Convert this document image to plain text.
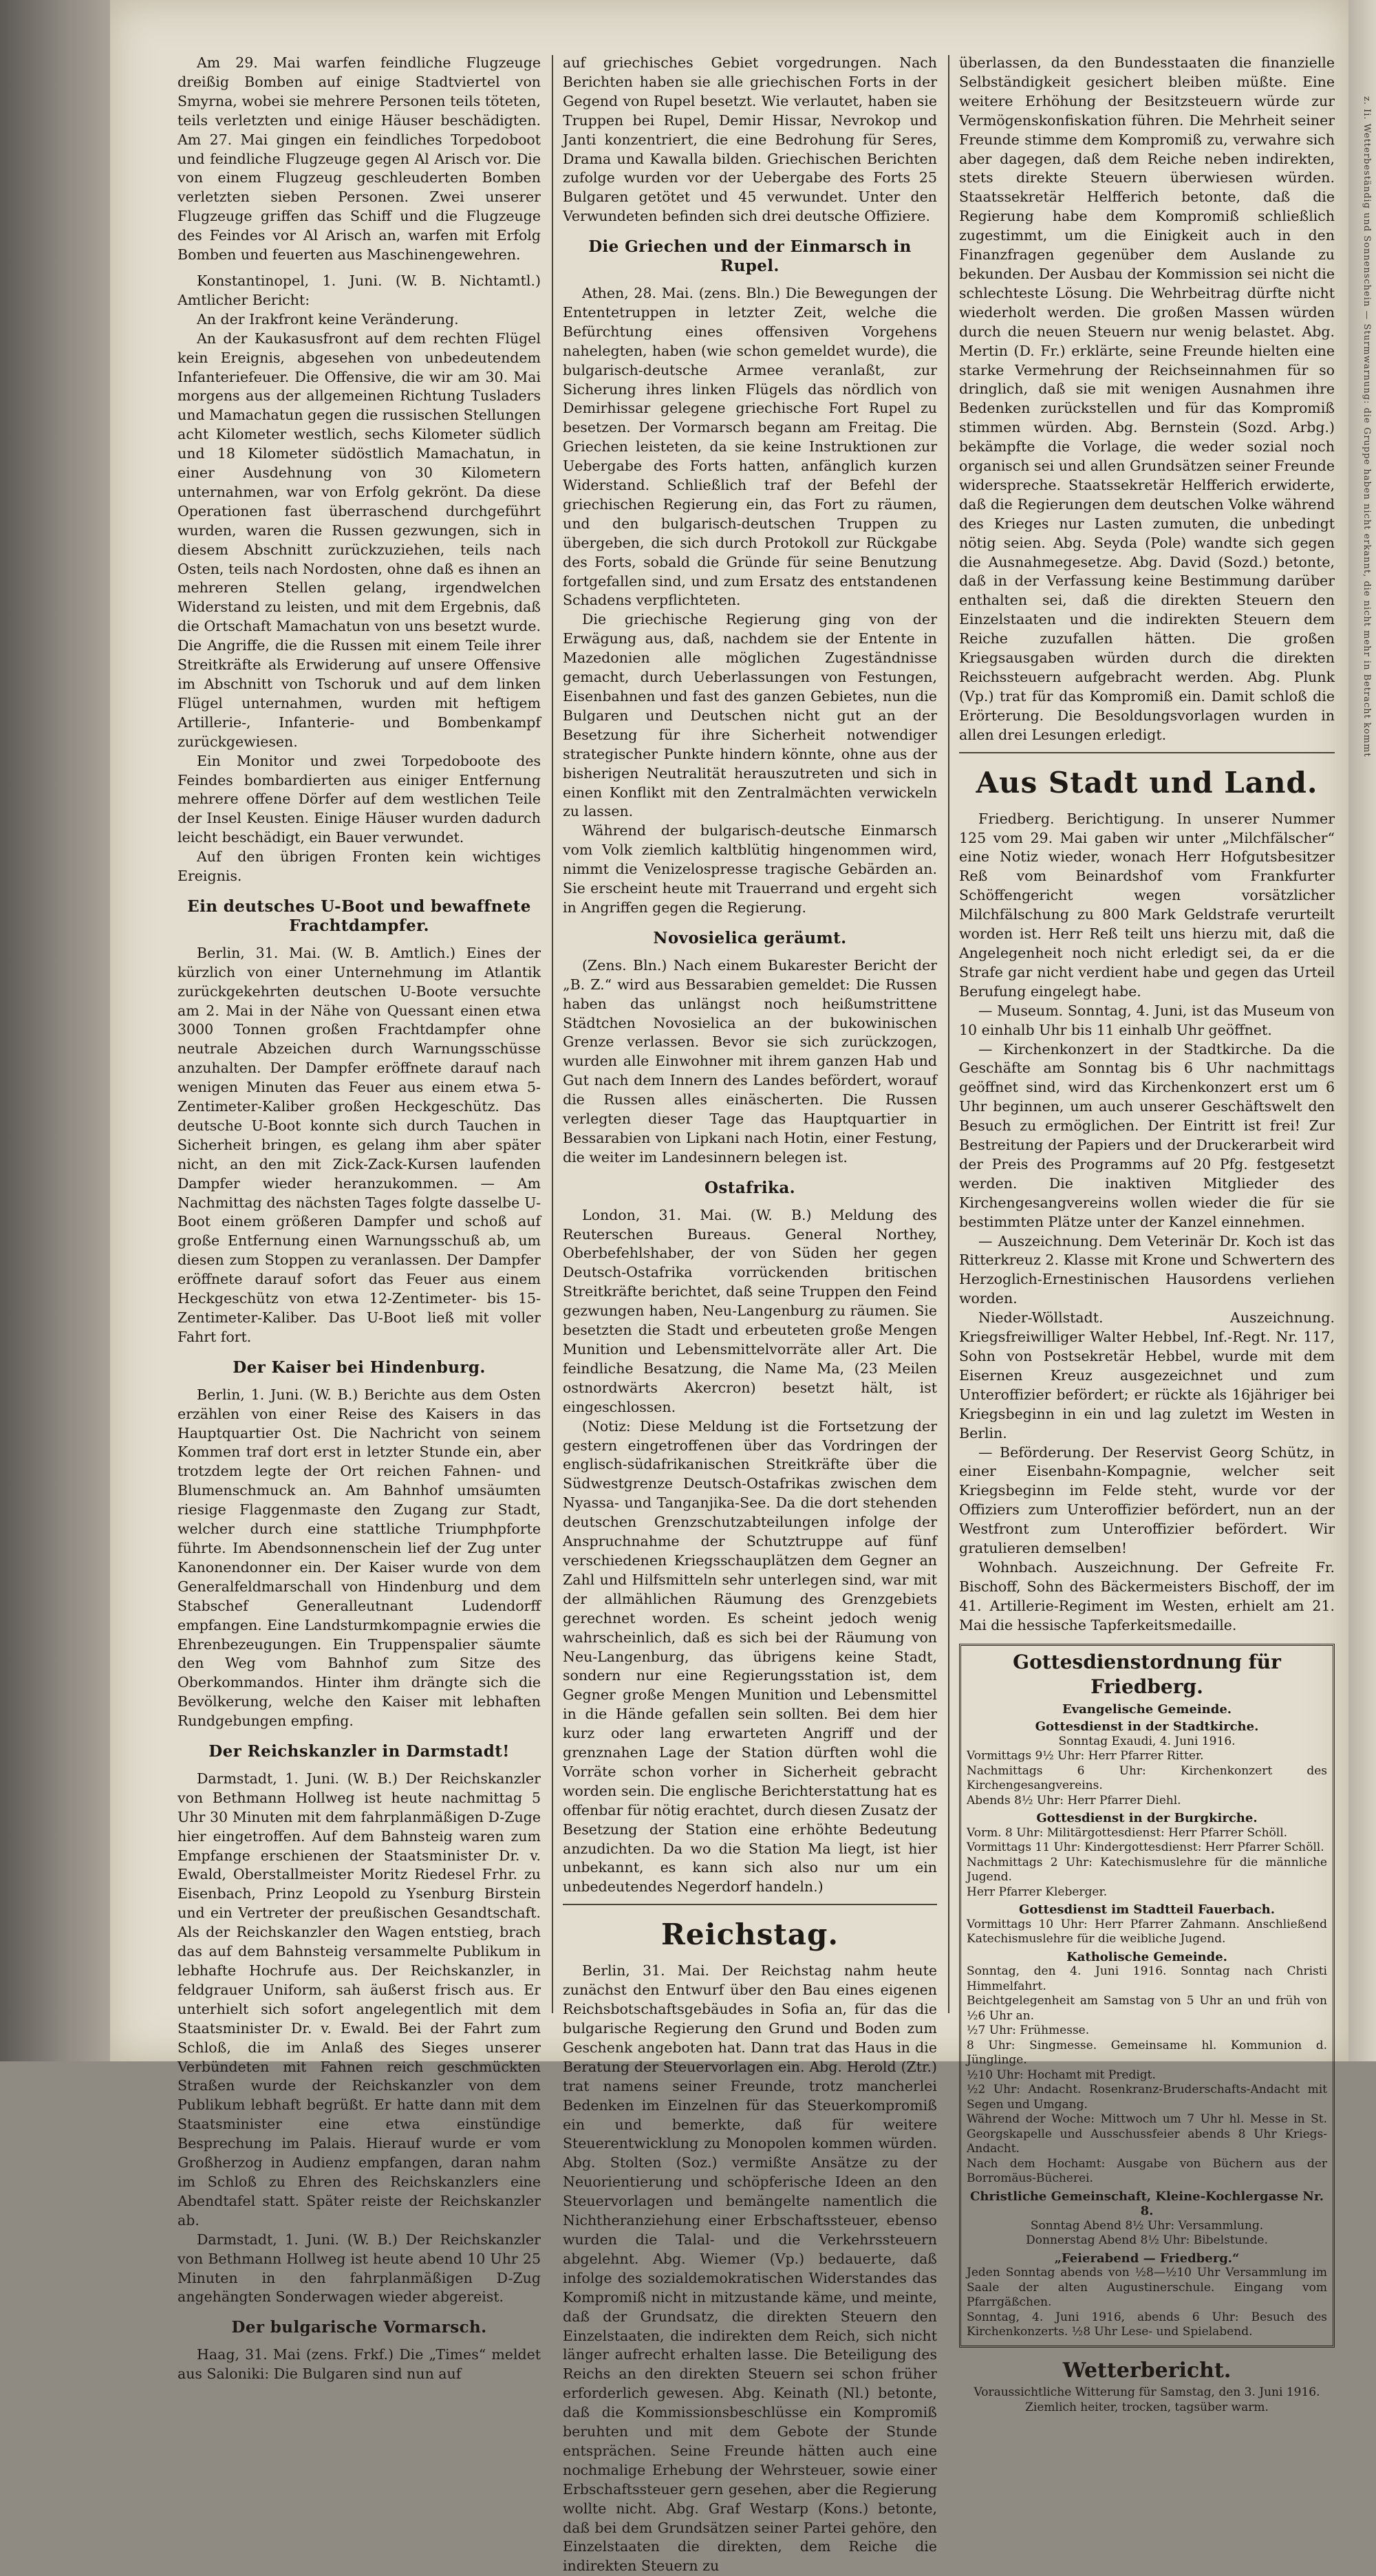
Am 29. Mai warfen feindliche Flugzeuge dreißig Bomben auf einige Stadtviertel von Smyrna, wobei sie mehrere Personen teils töteten, teils verletzten und einige Häuser beschädigten. Am 27. Mai gingen ein feindliches Torpedoboot und feindliche Flugzeuge gegen Al Arisch vor. Die von einem Flugzeug geschleuderten Bomben verletzten sieben Personen. Zwei unserer Flugzeuge griffen das Schiff und die Flugzeuge des Feindes vor Al Arisch an, warfen mit Erfolg Bomben und feuerten aus Maschinengewehren.

Konstantinopel, 1. Juni. (W. B. Nichtamtl.) Amtlicher Bericht:

An der Irakfront keine Veränderung.

An der Kaukasusfront auf dem rechten Flügel kein Ereignis, abgesehen von unbedeutendem Infanteriefeuer. Die Offensive, die wir am 30. Mai morgens aus der allgemeinen Richtung Tusladers und Mamachatun gegen die russischen Stellungen acht Kilometer westlich, sechs Kilometer südlich und 18 Kilometer südöstlich Mamachatun, in einer Ausdehnung von 30 Kilometern unternahmen, war von Erfolg gekrönt. Da diese Operationen fast überraschend durchgeführt wurden, waren die Russen gezwungen, sich in diesem Abschnitt zurückzuziehen, teils nach Osten, teils nach Nordosten, ohne daß es ihnen an mehreren Stellen gelang, irgendwelchen Widerstand zu leisten, und mit dem Ergebnis, daß die Ortschaft Mamachatun von uns besetzt wurde. Die Angriffe, die die Russen mit einem Teile ihrer Streitkräfte als Erwiderung auf unsere Offensive im Abschnitt von Tschoruk und auf dem linken Flügel unternahmen, wurden mit heftigem Artillerie-, Infanterie- und Bombenkampf zurückgewiesen.

Ein Monitor und zwei Torpedoboote des Feindes bombardierten aus einiger Entfernung mehrere offene Dörfer auf dem westlichen Teile der Insel Keusten. Einige Häuser wurden dadurch leicht beschädigt, ein Bauer verwundet.

Auf den übrigen Fronten kein wichtiges Ereignis.

Ein deutsches U-Boot und bewaffnete Frachtdampfer.

Berlin, 31. Mai. (W. B. Amtlich.) Eines der kürzlich von einer Unternehmung im Atlantik zurückgekehrten deutschen U-Boote versuchte am 2. Mai in der Nähe von Quessant einen etwa 3000 Tonnen großen Frachtdampfer ohne neutrale Abzeichen durch Warnungsschüsse anzuhalten. Der Dampfer eröffnete darauf nach wenigen Minuten das Feuer aus einem etwa 5-Zentimeter-Kaliber großen Heckgeschütz. Das deutsche U-Boot konnte sich durch Tauchen in Sicherheit bringen, es gelang ihm aber später nicht, an den mit Zick-Zack-Kursen laufenden Dampfer wieder heranzukommen. — Am Nachmittag des nächsten Tages folgte dasselbe U-Boot einem größeren Dampfer und schoß auf große Entfernung einen Warnungsschuß ab, um diesen zum Stoppen zu veranlassen. Der Dampfer eröffnete darauf sofort das Feuer aus einem Heckgeschütz von etwa 12-Zentimeter- bis 15-Zentimeter-Kaliber. Das U-Boot ließ mit voller Fahrt fort.

Der Kaiser bei Hindenburg.

Berlin, 1. Juni. (W. B.) Berichte aus dem Osten erzählen von einer Reise des Kaisers in das Hauptquartier Ost. Die Nachricht von seinem Kommen traf dort erst in letzter Stunde ein, aber trotzdem legte der Ort reichen Fahnen- und Blumenschmuck an. Am Bahnhof umsäumten riesige Flaggenmaste den Zugang zur Stadt, welcher durch eine stattliche Triumphpforte führte. Im Abendsonnenschein lief der Zug unter Kanonendonner ein. Der Kaiser wurde von dem Generalfeldmarschall von Hindenburg und dem Stabschef Generalleutnant Ludendorff empfangen. Eine Landsturmkompagnie erwies die Ehrenbezeugungen. Ein Truppenspalier säumte den Weg vom Bahnhof zum Sitze des Oberkommandos. Hinter ihm drängte sich die Bevölkerung, welche den Kaiser mit lebhaften Rundgebungen empfing.

Der Reichskanzler in Darmstadt!

Darmstadt, 1. Juni. (W. B.) Der Reichskanzler von Bethmann Hollweg ist heute nachmittag 5 Uhr 30 Minuten mit dem fahrplanmäßigen D-Zuge hier eingetroffen. Auf dem Bahnsteig waren zum Empfange erschienen der Staatsminister Dr. v. Ewald, Oberstallmeister Moritz Riedesel Frhr. zu Eisenbach, Prinz Leopold zu Ysenburg Birstein und ein Vertreter der preußischen Gesandtschaft. Als der Reichskanzler den Wagen entstieg, brach das auf dem Bahnsteig versammelte Publikum in lebhafte Hochrufe aus. Der Reichskanzler, in feldgrauer Uniform, sah äußerst frisch aus. Er unterhielt sich sofort angelegentlich mit dem Staatsminister Dr. v. Ewald. Bei der Fahrt zum Schloß, die im Anlaß des Sieges unserer Verbündeten mit Fahnen reich geschmückten Straßen wurde der Reichskanzler von dem Publikum lebhaft begrüßt. Er hatte dann mit dem Staatsminister eine etwa einstündige Besprechung im Palais. Hierauf wurde er vom Großherzog in Audienz empfangen, daran nahm im Schloß zu Ehren des Reichskanzlers eine Abendtafel statt. Später reiste der Reichskanzler ab.

Darmstadt, 1. Juni. (W. B.) Der Reichskanzler von Bethmann Hollweg ist heute abend 10 Uhr 25 Minuten in den fahrplanmäßigen D-Zug angehängten Sonderwagen wieder abgereist.

Der bulgarische Vormarsch.

Haag, 31. Mai (zens. Frkf.) Die „Times“ meldet aus Saloniki: Die Bulgaren sind nun auf

auf griechisches Gebiet vorgedrungen. Nach Berichten haben sie alle griechischen Forts in der Gegend von Rupel besetzt. Wie verlautet, haben sie Truppen bei Rupel, Demir Hissar, Nevrokop und Janti konzentriert, die eine Bedrohung für Seres, Drama und Kawalla bilden. Griechischen Berichten zufolge wurden vor der Uebergabe des Forts 25 Bulgaren getötet und 45 verwundet. Unter den Verwundeten befinden sich drei deutsche Offiziere.

Die Griechen und der Einmarsch in Rupel.

Athen, 28. Mai. (zens. Bln.) Die Bewegungen der Ententetruppen in letzter Zeit, welche die Befürchtung eines offensiven Vorgehens nahelegten, haben (wie schon gemeldet wurde), die bulgarisch-deutsche Armee veranlaßt, zur Sicherung ihres linken Flügels das nördlich von Demirhissar gelegene griechische Fort Rupel zu besetzen. Der Vormarsch begann am Freitag. Die Griechen leisteten, da sie keine Instruktionen zur Uebergabe des Forts hatten, anfänglich kurzen Widerstand. Schließlich traf der Befehl der griechischen Regierung ein, das Fort zu räumen, und den bulgarisch-deutschen Truppen zu übergeben, die sich durch Protokoll zur Rückgabe des Forts, sobald die Gründe für seine Benutzung fortgefallen sind, und zum Ersatz des entstandenen Schadens verpflichteten.

Die griechische Regierung ging von der Erwägung aus, daß, nachdem sie der Entente in Mazedonien alle möglichen Zugeständnisse gemacht, durch Ueberlassungen von Festungen, Eisenbahnen und fast des ganzen Gebietes, nun die Bulgaren und Deutschen nicht gut an der Besetzung für ihre Sicherheit notwendiger strategischer Punkte hindern könnte, ohne aus der bisherigen Neutralität herauszutreten und sich in einen Konflikt mit den Zentralmächten verwickeln zu lassen.

Während der bulgarisch-deutsche Einmarsch vom Volk ziemlich kaltblütig hingenommen wird, nimmt die Venizelospresse tragische Gebärden an. Sie erscheint heute mit Trauerrand und ergeht sich in Angriffen gegen die Regierung.

Novosielica geräumt.

(Zens. Bln.) Nach einem Bukarester Bericht der „B. Z.“ wird aus Bessarabien gemeldet: Die Russen haben das unlängst noch heißumstrittene Städtchen Novosielica an der bukowinischen Grenze verlassen. Bevor sie sich zurückzogen, wurden alle Einwohner mit ihrem ganzen Hab und Gut nach dem Innern des Landes befördert, worauf die Russen alles einäscherten. Die Russen verlegten dieser Tage das Hauptquartier in Bessarabien von Lipkani nach Hotin, einer Festung, die weiter im Landesinnern belegen ist.

Ostafrika.

London, 31. Mai. (W. B.) Meldung des Reuterschen Bureaus. General Northey, Oberbefehlshaber, der von Süden her gegen Deutsch-Ostafrika vorrückenden britischen Streitkräfte berichtet, daß seine Truppen den Feind gezwungen haben, Neu-Langenburg zu räumen. Sie besetzten die Stadt und erbeuteten große Mengen Munition und Lebensmittelvorräte aller Art. Die feindliche Besatzung, die Name Ma, (23 Meilen ostnordwärts Akercron) besetzt hält, ist eingeschlossen.

(Notiz: Diese Meldung ist die Fortsetzung der gestern eingetroffenen über das Vordringen der englisch-südafrikanischen Streitkräfte über die Südwestgrenze Deutsch-Ostafrikas zwischen dem Nyassa- und Tanganjika-See. Da die dort stehenden deutschen Grenzschutzabteilungen infolge der Anspruchnahme der Schutztruppe auf fünf verschiedenen Kriegsschauplätzen dem Gegner an Zahl und Hilfsmitteln sehr unterlegen sind, war mit der allmählichen Räumung des Grenzgebiets gerechnet worden. Es scheint jedoch wenig wahrscheinlich, daß es sich bei der Räumung von Neu-Langenburg, das übrigens keine Stadt, sondern nur eine Regierungsstation ist, dem Gegner große Mengen Munition und Lebensmittel in die Hände gefallen sein sollten. Bei dem hier kurz oder lang erwarteten Angriff und der grenznahen Lage der Station dürften wohl die Vorräte schon vorher in Sicherheit gebracht worden sein. Die englische Berichterstattung hat es offenbar für nötig erachtet, durch diesen Zusatz der Besetzung der Station eine erhöhte Bedeutung anzudichten. Da wo die Station Ma liegt, ist hier unbekannt, es kann sich also nur um ein unbedeutendes Negerdorf handeln.)

Reichstag.

Berlin, 31. Mai. Der Reichstag nahm heute zunächst den Entwurf über den Bau eines eigenen Reichsbotschaftsgebäudes in Sofia an, für das die bulgarische Regierung den Grund und Boden zum Geschenk angeboten hat. Dann trat das Haus in die Beratung der Steuervorlagen ein. Abg. Herold (Ztr.) trat namens seiner Freunde, trotz mancherlei Bedenken im Einzelnen für das Steuerkompromiß ein und bemerkte, daß für weitere Steuerentwicklung zu Monopolen kommen würden. Abg. Stolten (Soz.) vermißte Ansätze zu der Neuorientierung und schöpferische Ideen an den Steuervorlagen und bemängelte namentlich die Nichtheranziehung einer Erbschaftssteuer, ebenso wurden die Talal- und die Verkehrssteuern abgelehnt. Abg. Wiemer (Vp.) bedauerte, daß infolge des sozialdemokratischen Widerstandes das Kompromiß nicht in mitzustande käme, und meinte, daß der Grundsatz, die direkten Steuern den Einzelstaaten, die indirekten dem Reich, sich nicht länger aufrecht erhalten lasse. Die Beteiligung des Reichs an den direkten Steuern sei schon früher erforderlich gewesen. Abg. Keinath (Nl.) betonte, daß die Kommissionsbeschlüsse ein Kompromiß beruhten und mit dem Gebote der Stunde entsprächen. Seine Freunde hätten auch eine nochmalige Erhebung der Wehrsteuer, sowie einer Erbschaftssteuer gern gesehen, aber die Regierung wollte nicht. Abg. Graf Westarp (Kons.) betonte, daß bei dem Grundsätzen seiner Partei gehöre, den Einzelstaaten die direkten, dem Reiche die indirekten Steuern zu

überlassen, da den Bundesstaaten die finanzielle Selbständigkeit gesichert bleiben müßte. Eine weitere Erhöhung der Besitzsteuern würde zur Vermögenskonfiskation führen. Die Mehrheit seiner Freunde stimme dem Kompromiß zu, verwahre sich aber dagegen, daß dem Reiche neben indirekten, stets direkte Steuern überwiesen würden. Staatssekretär Helfferich betonte, daß die Regierung habe dem Kompromiß schließlich zugestimmt, um die Einigkeit auch in den Finanzfragen gegenüber dem Auslande zu bekunden. Der Ausbau der Kommission sei nicht die schlechteste Lösung. Die Wehrbeitrag dürfte nicht wiederholt werden. Die großen Massen würden durch die neuen Steuern nur wenig belastet. Abg. Mertin (D. Fr.) erklärte, seine Freunde hielten eine starke Vermehrung der Reichseinnahmen für so dringlich, daß sie mit wenigen Ausnahmen ihre Bedenken zurückstellen und für das Kompromiß stimmen würden. Abg. Bernstein (Sozd. Arbg.) bekämpfte die Vorlage, die weder sozial noch organisch sei und allen Grundsätzen seiner Freunde widerspreche. Staatssekretär Helfferich erwiderte, daß die Regierungen dem deutschen Volke während des Krieges nur Lasten zumuten, die unbedingt nötig seien. Abg. Seyda (Pole) wandte sich gegen die Ausnahmegesetze. Abg. David (Sozd.) betonte, daß in der Verfassung keine Bestimmung darüber enthalten sei, daß die direkten Steuern den Einzelstaaten und die indirekten Steuern dem Reiche zuzufallen hätten. Die großen Kriegsausgaben würden durch die direkten Reichssteuern aufgebracht werden. Abg. Plunk (Vp.) trat für das Kompromiß ein. Damit schloß die Erörterung. Die Besoldungsvorlagen wurden in allen drei Lesungen erledigt.

Aus Stadt und Land.

Friedberg. Berichtigung. In unserer Nummer 125 vom 29. Mai gaben wir unter „Milchfälscher“ eine Notiz wieder, wonach Herr Hofgutsbesitzer Reß vom Beinardshof vom Frankfurter Schöffengericht wegen vorsätzlicher Milchfälschung zu 800 Mark Geldstrafe verurteilt worden ist. Herr Reß teilt uns hierzu mit, daß die Angelegenheit noch nicht erledigt sei, da er die Strafe gar nicht verdient habe und gegen das Urteil Berufung eingelegt habe.

— Museum. Sonntag, 4. Juni, ist das Museum von 10 einhalb Uhr bis 11 einhalb Uhr geöffnet.

— Kirchenkonzert in der Stadtkirche. Da die Geschäfte am Sonntag bis 6 Uhr nachmittags geöffnet sind, wird das Kirchenkonzert erst um 6 Uhr beginnen, um auch unserer Geschäftswelt den Besuch zu ermöglichen. Der Eintritt ist frei! Zur Bestreitung der Papiers und der Druckerarbeit wird der Preis des Programms auf 20 Pfg. festgesetzt werden. Die inaktiven Mitglieder des Kirchengesangvereins wollen wieder die für sie bestimmten Plätze unter der Kanzel einnehmen.

— Auszeichnung. Dem Veterinär Dr. Koch ist das Ritterkreuz 2. Klasse mit Krone und Schwertern des Herzoglich-Ernestinischen Hausordens verliehen worden.

Nieder-Wöllstadt. Auszeichnung. Kriegsfreiwilliger Walter Hebbel, Inf.-Regt. Nr. 117, Sohn von Postsekretär Hebbel, wurde mit dem Eisernen Kreuz ausgezeichnet und zum Unteroffizier befördert; er rückte als 16jähriger bei Kriegsbeginn in ein und lag zuletzt im Westen in Berlin.

— Beförderung. Der Reservist Georg Schütz, in einer Eisenbahn-Kompagnie, welcher seit Kriegsbeginn im Felde steht, wurde vor der Offiziers zum Unteroffizier befördert, nun an der Westfront zum Unteroffizier befördert. Wir gratulieren demselben!

Wohnbach. Auszeichnung. Der Gefreite Fr. Bischoff, Sohn des Bäckermeisters Bischoff, der im 41. Artillerie-Regiment im Westen, erhielt am 21. Mai die hessische Tapferkeitsmedaille.

Gottesdienstordnung für Friedberg.
Evangelische Gemeinde.
Gottesdienst in der Stadtkirche.
Sonntag Exaudi, 4. Juni 1916.
Vormittags 9½ Uhr: Herr Pfarrer Ritter.
Nachmittags 6 Uhr: Kirchenkonzert des Kirchengesangvereins.
Abends 8½ Uhr: Herr Pfarrer Diehl.
Gottesdienst in der Burgkirche.
Vorm. 8 Uhr: Militärgottesdienst: Herr Pfarrer Schöll.
Vormittags 11 Uhr: Kindergottesdienst: Herr Pfarrer Schöll.
Nachmittags 2 Uhr: Katechismuslehre für die männliche Jugend.
Herr Pfarrer Kleberger.
Gottesdienst im Stadtteil Fauerbach.
Vormittags 10 Uhr: Herr Pfarrer Zahmann. Anschließend Katechismuslehre für die weibliche Jugend.
Katholische Gemeinde.
Sonntag, den 4. Juni 1916. Sonntag nach Christi Himmelfahrt.
Beichtgelegenheit am Samstag von 5 Uhr an und früh von ½6 Uhr an.
½7 Uhr: Frühmesse.
8 Uhr: Singmesse. Gemeinsame hl. Kommunion d. Jünglinge.
½10 Uhr: Hochamt mit Predigt.
½2 Uhr: Andacht. Rosenkranz-Bruderschafts-Andacht mit Segen und Umgang.
Während der Woche: Mittwoch um 7 Uhr hl. Messe in St. Georgskapelle und Ausschussfeier abends 8 Uhr Kriegs-Andacht.
Nach dem Hochamt: Ausgabe von Büchern aus der Borromäus-Bücherei.
Christliche Gemeinschaft, Kleine-Kochlergasse Nr. 8.
Sonntag Abend 8½ Uhr: Versammlung.
Donnerstag Abend 8½ Uhr: Bibelstunde.
„Feierabend — Friedberg.“
Jeden Sonntag abends von ½8—½10 Uhr Versammlung im Saale der alten Augustinerschule. Eingang vom Pfarrgäßchen.
Sonntag, 4. Juni 1916, abends 6 Uhr: Besuch des Kirchenkonzerts. ½8 Uhr Lese- und Spielabend.
Wetterbericht.
Voraussichtliche Witterung für Samstag, den 3. Juni 1916.
Ziemlich heiter, trocken, tagsüber warm.
z. Ii. Wetterbeständig und Sonnenschein — Sturmwarnung: die Gruppe haben nicht erkannt, die nicht mehr in Betracht kommt
